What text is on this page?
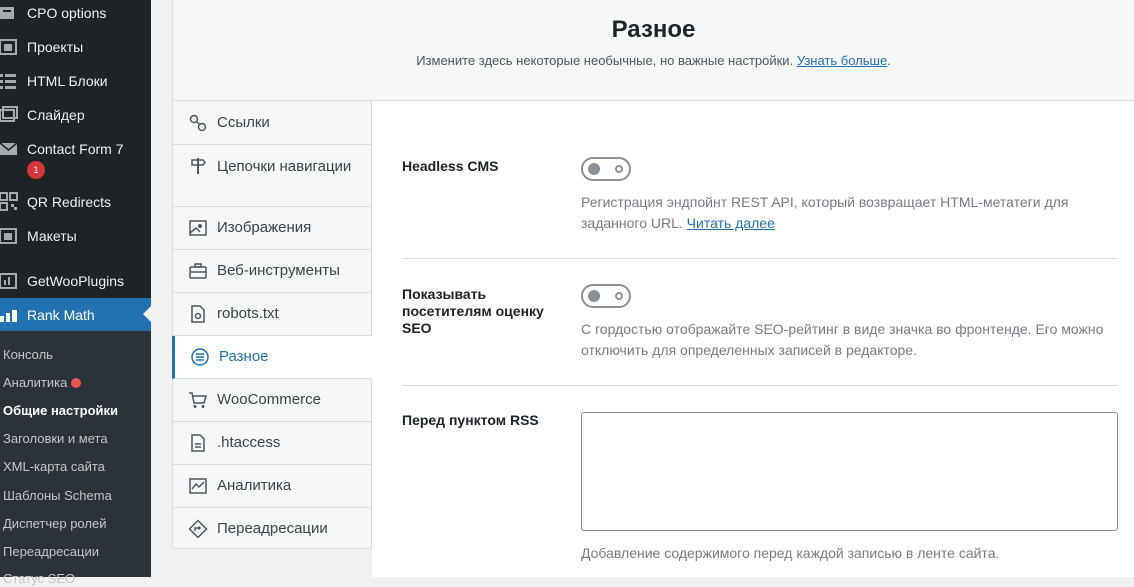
CPO options
Проекты
HTML Блоки
Слайдер
Contact Form 7
1
QR Redirects
Макеты
GetWooPlugins
Rank Math
Консоль
Аналитика
Общие настройки
Заголовки и мета
XML-карта сайта
Шаблоны Schema
Диспетчер ролей
Переадресации
Статус SEO
Разное

Измените здесь некоторые необычные, но важные настройки. Узнать больше.

Ссылки
Цепочки навигации
Изображения
Веб-инструменты
robots.txt
Разное
WooCommerce
.htaccess
Аналитика
Переадресации
Headless CMS
Регистрация эндпойнт REST API, который возвращает HTML-метатеги для заданного URL. Читать далее
Показывать посетителям оценку SEO	С гордостью отображайте SEO-рейтинг в виде значка во фронтенде. Его можно отключить для определенных записей в редакторе.
Перед пунктом RSS
Добавление содержимого перед каждой записью в ленте сайта.
